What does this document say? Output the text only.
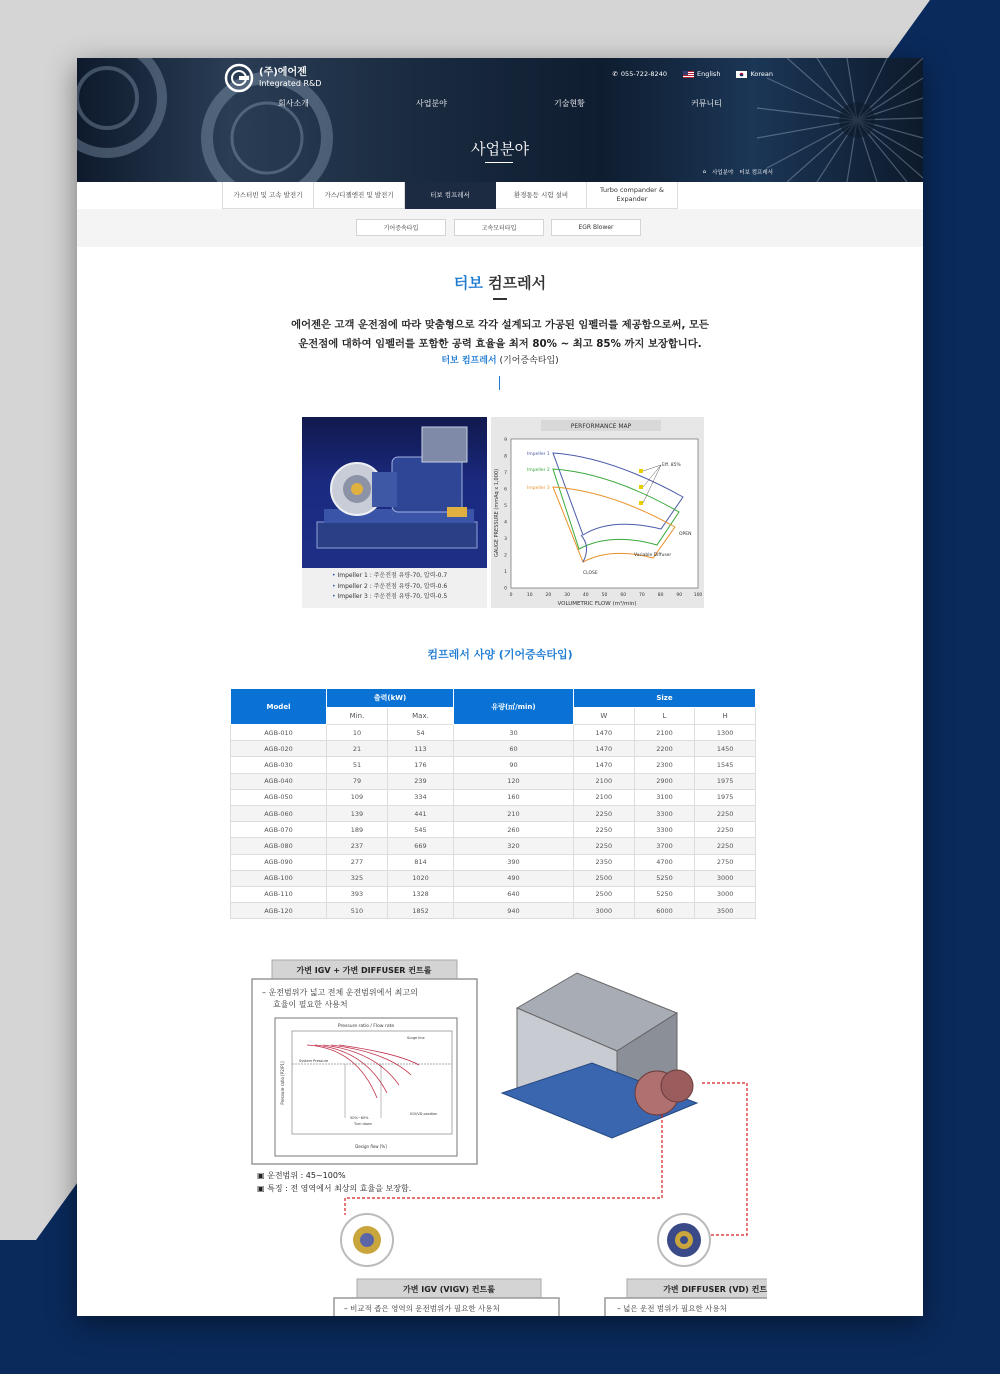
(주)에어젠
Integrated R&D
✆ 055-722-8240	English	Korean
회사소개	사업분야	기술현황	커뮤니티
사업분야
⌂ 사업분야 터보 컴프레서
가스터빈 및 고속 발전기	가스/디젤엔진 및 발전기	터보 컴프레서	환경통등 시험 설비
Turbo compander & Expander
기어증속타입	고속모터타입	EGR Blower
터보 컴프레서
에어젠은 고객 운전점에 따라 맞춤형으로 각각 설계되고 가공된 임펠러를 제공함으로써, 모든
운전점에 대하여 임펠러를 포함한 공력 효율을 최저 80% ~ 최고 85% 까지 보장합니다.
터보 컴프레서 (기어증속타입)
• Impeller 1 : 주운전점 유량-70, 압력-0.7
• Impeller 2 : 주운전점 유량-70, 압력-0.6
• Impeller 3 : 주운전점 유량-70, 압력-0.5
PERFORMANCE MAP
0	10	20	30	40	50	60	70	80	90	100
0
1
2
3
4
5
6
7
8
9
VOLUMETRIC FLOW (m³/min)
GAUGE PRESSURE (mmAq x 1,000)
Impeller 1
Impeller 2
Impeller 3
Eff. 85%
OPEN
CLOSE
Variable Diffuser
컴프레서 사양 (기어증속타입)
Model	출력(kW)		유량(㎥/min)	Size		
	Min.	Max.		W	L	H
AGB-010	10	54	30	1470	2100	1300
AGB-020	21	113	60	1470	2200	1450
AGB-030	51	176	90	1470	2300	1545
AGB-040	79	239	120	2100	2900	1975
AGB-050	109	334	160	2100	3100	1975
AGB-060	139	441	210	2250	3300	2250
AGB-070	189	545	260	2250	3300	2250
AGB-080	237	669	320	2250	3700	2250
AGB-090	277	814	390	2350	4700	2750
AGB-100	325	1020	490	2500	5250	3000
AGB-110	393	1328	640	2500	5250	3000
AGB-120	510	1852	940	3000	6000	3500
가변 IGV + 가변 DIFFUSER 컨트롤
– 운전범위가 넓고 전체 운전범위에서 최고의
효율이 필요한 사용처
Pressure ratio / Flow rate
Surge line
System Pressure
IGV/VD position
50%~65%
Turn down
Design flow [%]
Pressure ratio [P2/P1]
▣ 운전범위 : 45~100%
▣ 특징 : 전 영역에서 최상의 효율을 보장함.
가변 IGV (VIGV) 컨트롤
– 비교적 좁은 영역의 운전범위가 필요한 사용처
가변 DIFFUSER (VD) 컨트롤
– 넓은 운전 범위가 필요한 사용처
